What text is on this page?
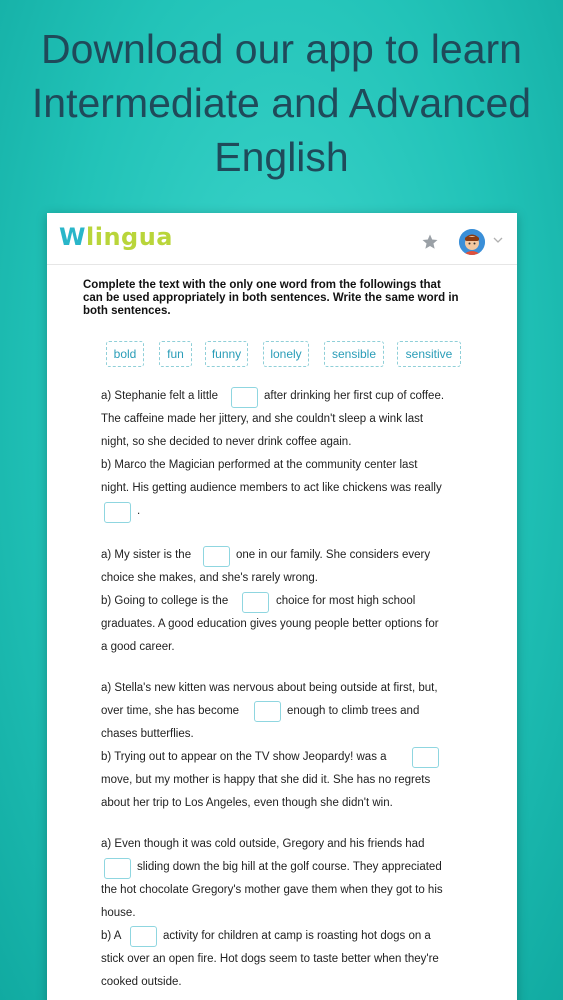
Download our app to learn
Intermediate and Advanced
English
Wlingua
Complete the text with the only one word from the followings that
can be used appropriately in both sentences. Write the same word in
both sentences.
bold	fun	funny	lonely	sensible	sensitive
a) Stephanie felt a little	after drinking her first cup of coffee.
The caffeine made her jittery, and she couldn't sleep a wink last
night, so she decided to never drink coffee again.
b) Marco the Magician performed at the community center last
night. His getting audience members to act like chickens was really
.
a) My sister is the	one in our family. She considers every
choice she makes, and she's rarely wrong.
b) Going to college is the	choice for most high school
graduates. A good education gives young people better options for
a good career.
a) Stella's new kitten was nervous about being outside at first, but,
over time, she has become	enough to climb trees and
chases butterflies.
b) Trying out to appear on the TV show Jeopardy! was a
move, but my mother is happy that she did it. She has no regrets
about her trip to Los Angeles, even though she didn't win.
a) Even though it was cold outside, Gregory and his friends had
sliding down the big hill at the golf course. They appreciated
the hot chocolate Gregory's mother gave them when they got to his
house.
b) A	activity for children at camp is roasting hot dogs on a
stick over an open fire. Hot dogs seem to taste better when they're
cooked outside.
